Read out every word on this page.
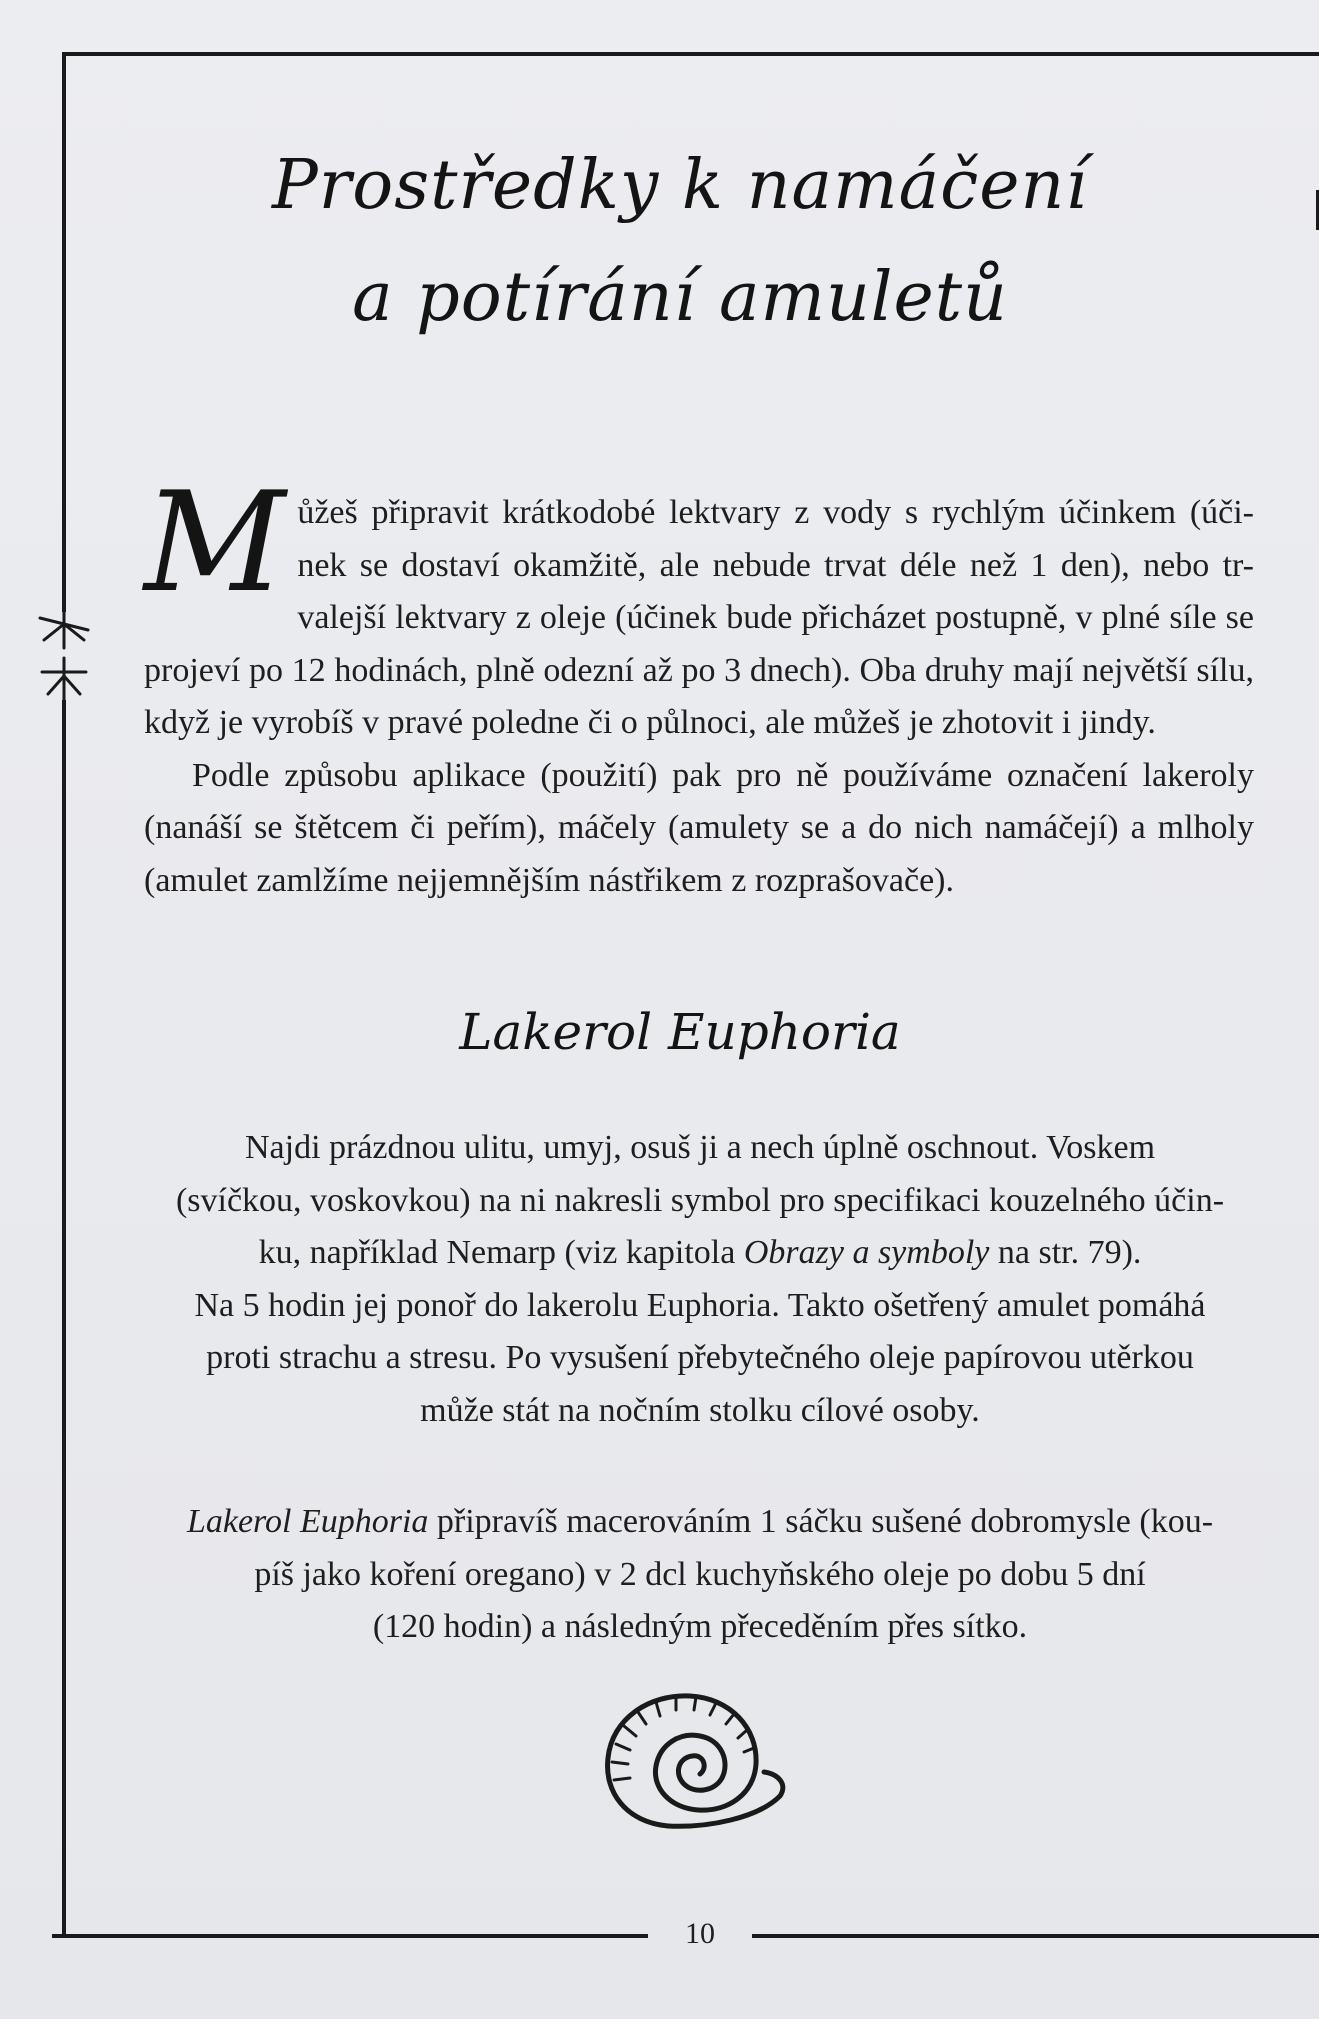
Prostředky k namáčení
a potírání amuletů

M ůžeš připravit krátkodobé lektvary z vody s rychlým účinkem (úči- nek se dostaví okamžitě, ale nebude trvat déle než 1 den), nebo tr- valejší lektvary z oleje (účinek bude přicházet postupně, v plné síle se projeví po 12 hodinách, plně odezní až po 3 dnech). Oba druhy mají největší sílu, když je vyrobíš v pravé poledne či o půlnoci, ale můžeš je zhotovit i jindy.

Podle způsobu aplikace (použití) pak pro ně používáme označení lakeroly (nanáší se štětcem či peřím), máčely (amulety se a do nich namáčejí) a mlholy (amulet zamlžíme nejjemnějším nástřikem z rozprašovače).

Lakerol Euphoria
Najdi prázdnou ulitu, umyj, osuš ji a nech úplně oschnout. Voskem
(svíčkou, voskovkou) na ni nakresli symbol pro specifikaci kouzelného účin-
ku, například Nemarp (viz kapitola Obrazy a symboly na str. 79).
Na 5 hodin jej ponoř do lakerolu Euphoria. Takto ošetřený amulet pomáhá
proti strachu a stresu. Po vysušení přebytečného oleje papírovou utěrkou
může stát na nočním stolku cílové osoby.
Lakerol Euphoria připravíš macerováním 1 sáčku sušené dobromysle (kou-
píš jako koření oregano) v 2 dcl kuchyňského oleje po dobu 5 dní
(120 hodin) a následným přeceděním přes sítko.
10
